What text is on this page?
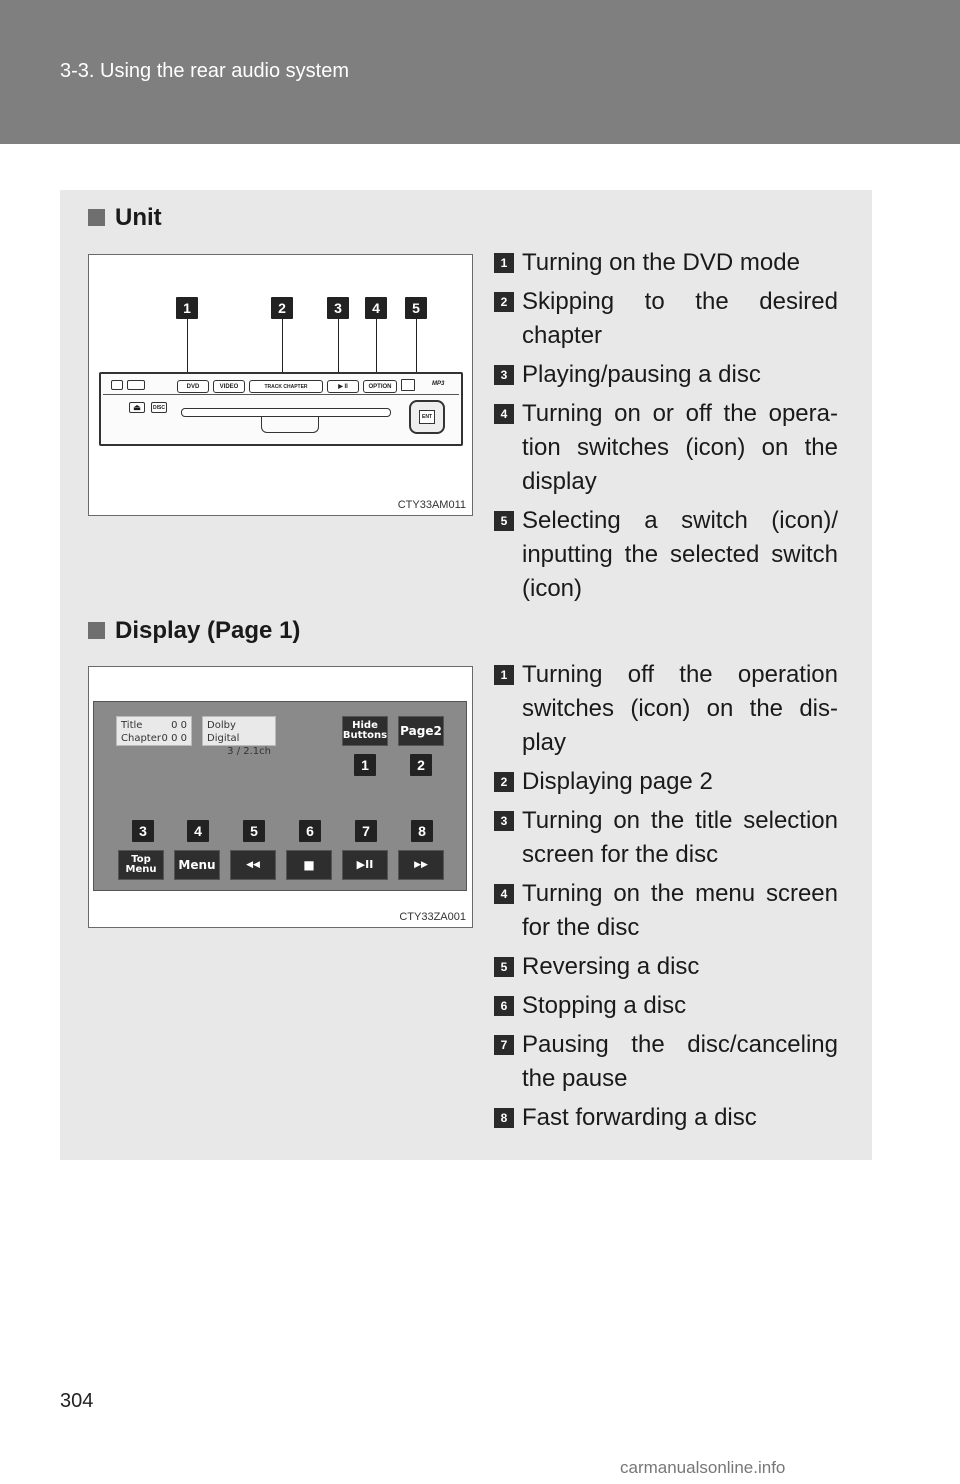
3-3. Using the rear audio system
Unit
1	2	3	4	5
DVD	VIDEO	TRACK CHAPTER	▶ II	OPTION	MP3
⏏	DISC
ENT
CTY33AM011
1 Turning on the DVD mode
2 Skipping to the desired chapter
3 Playing/pausing a disc
4 Turning on or off the opera-tion switches (icon) on the display
5 Selecting a switch (icon)/ inputting the selected switch (icon)
Display (Page 1)
Title	0 0
Chapter 0 0 0
Dolby Digital
3 / 2.1ch
Hide Buttons Page2
1	2
3	4	5	6	7	8
Top Menu	Menu	◀◀	■	▶II	▶▶
CTY33ZA001
1 Turning off the operation switches (icon) on the dis-play
2 Displaying page 2
3 Turning on the title selection screen for the disc
4 Turning on the menu screen for the disc
5 Reversing a disc
6 Stopping a disc
7 Pausing the disc/canceling the pause
8 Fast forwarding a disc
304
carmanualsonline.info
